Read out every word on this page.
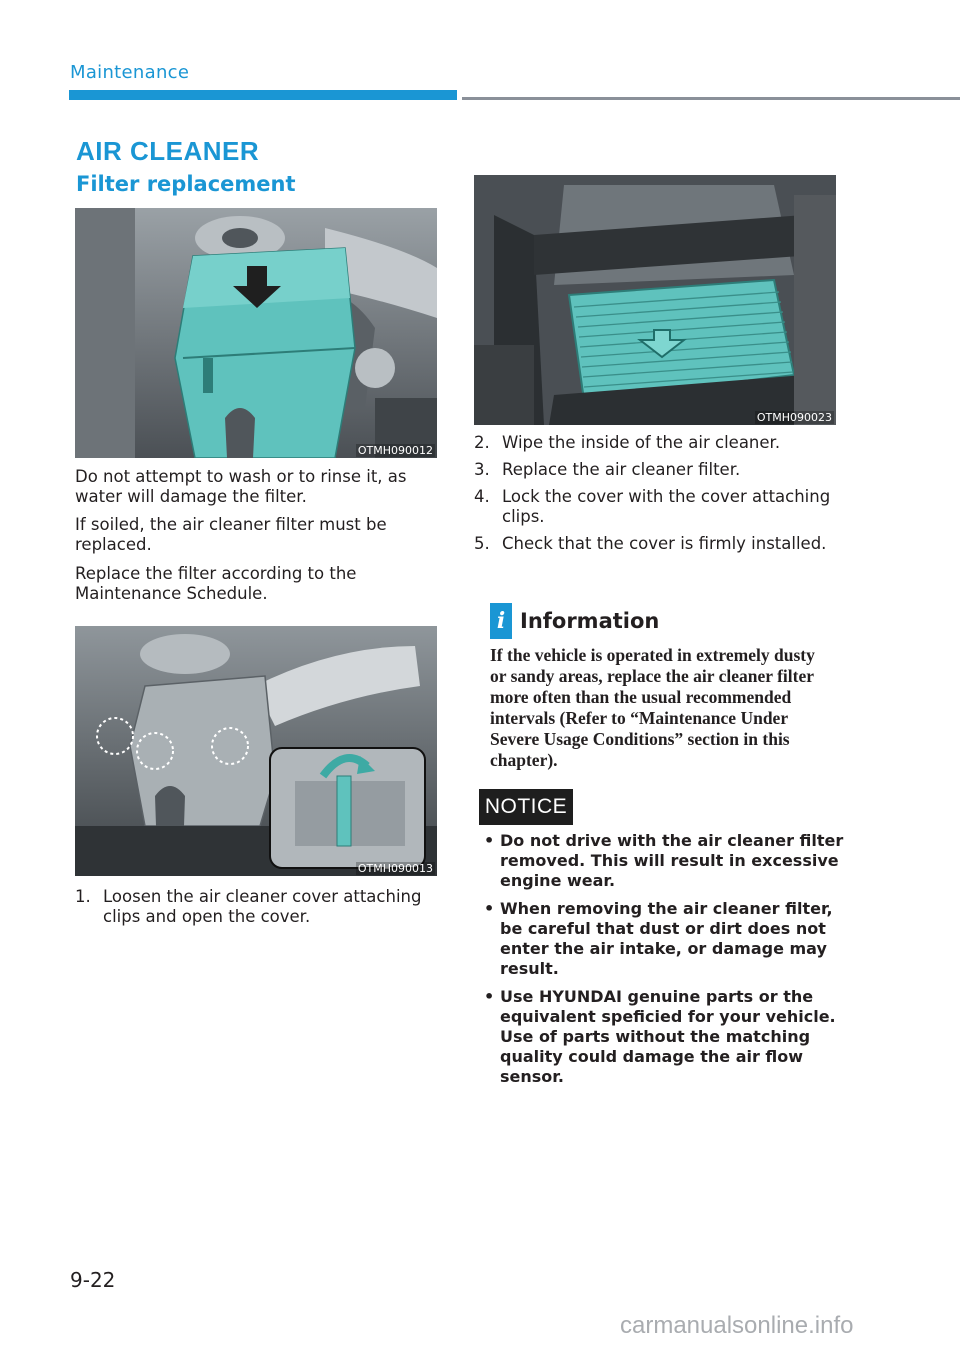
Maintenance
AIR CLEANER
Filter replacement
OTMH090012
Do not attempt to wash or to rinse it, as water will damage the filter.
If soiled, the air cleaner filter must be replaced.
Replace the filter according to the Maintenance Schedule.
OTMH090013
1. Loosen the air cleaner cover attaching clips and open the cover.
OTMH090023
2. Wipe the inside of the air cleaner.
3. Replace the air cleaner filter.
4. Lock the cover with the cover attaching clips.
5. Check that the cover is firmly installed.
i Information
If the vehicle is operated in extremely dusty or sandy areas, replace the air cleaner filter more often than the usual recommended intervals (Refer to “Maintenance Under Severe Usage Conditions” section in this chapter).
NOTICE
• Do not drive with the air cleaner filter removed. This will result in excessive engine wear.
• When removing the air cleaner filter, be careful that dust or dirt does not enter the air intake, or damage may result.
• Use HYUNDAI genuine parts or the equivalent speficied for your vehicle. Use of parts without the matching quality could damage the air flow sensor.
9-22
carmanualsonline.info
